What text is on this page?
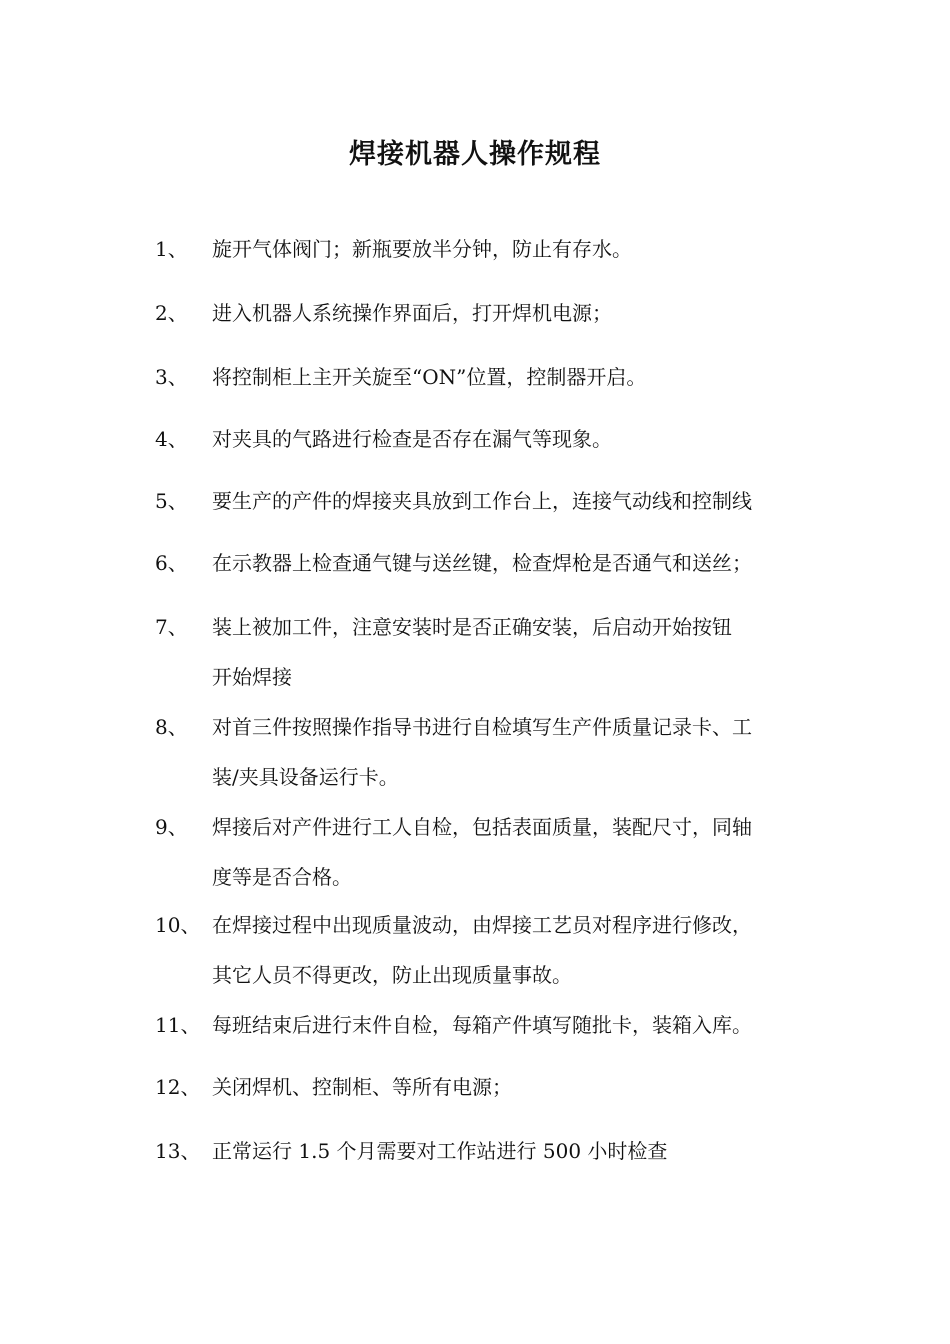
焊接机器人操作规程
1、 旋开气体阀门；新瓶要放半分钟，防止有存水。
2、 进入机器人系统操作界面后，打开焊机电源；
3、 将控制柜上主开关旋至“ON”位置，控制器开启。
4、 对夹具的气路进行检查是否存在漏气等现象。
5、 要生产的产件的焊接夹具放到工作台上，连接气动线和控制线
6、 在示教器上检查通气键与送丝键，检查焊枪是否通气和送丝；
7、 装上被加工件，注意安装时是否正确安装，后启动开始按钮
开始焊接
8、 对首三件按照操作指导书进行自检填写生产件质量记录卡、工
装/夹具设备运行卡。
9、 焊接后对产件进行工人自检，包括表面质量，装配尺寸，同轴
度等是否合格。
10、 在焊接过程中出现质量波动，由焊接工艺员对程序进行修改，
其它人员不得更改，防止出现质量事故。
11、 每班结束后进行末件自检，每箱产件填写随批卡，装箱入库。
12、 关闭焊机、控制柜、等所有电源；
13、 正常运行 1.5 个月需要对工作站进行 500 小时检查
